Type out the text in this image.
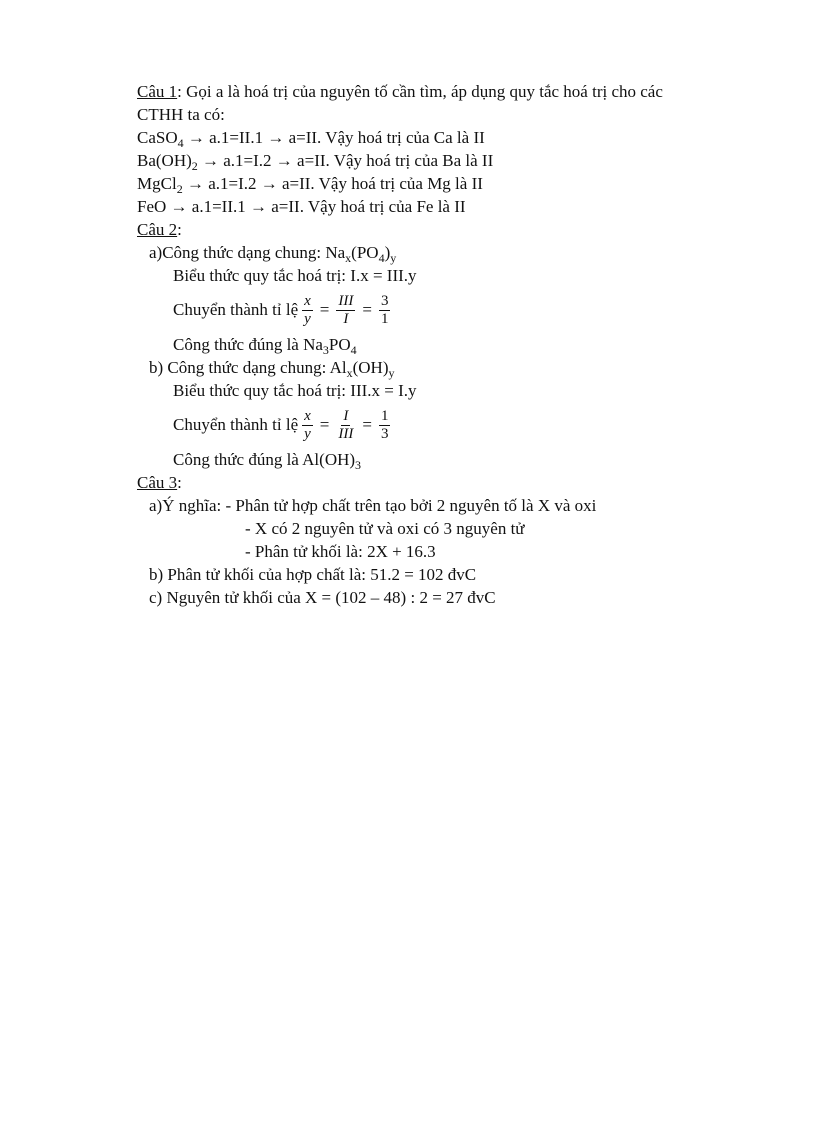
Câu 1: Gọi a là hoá trị của nguyên tố cần tìm, áp dụng quy tắc hoá trị cho các
CTHH ta có:
CaSO$_4$ → a.1=II.1 → a=II. Vậy hoá trị của Ca là II
$Ba(OH)_2 \to a.1=I.2 \to a=II$. Vậy hoá trị của Ba là II
MgCl$_2$ → a.1=I.2 → a=II. Vậy hoá trị của Mg là II
FeO → a.1=II.1 → a=II. Vậy hoá trị của Fe là II
Câu 2:
a)Công thức dạng chung: $Na_x(PO_4)_y$
Biểu thức quy tắc hoá trị: I.x = III.y
Chuyển thành tỉ lệ $\frac{x}{y} = \frac{\text{III}}{I} = \frac{3}{1}$
Công thức đúng là $Na_3PO_4$
b) Công thức dạng chung: $Al_x(OH)_y$
Biểu thức quy tắc hoá trị: III.x = I.y
Chuyển thành tỉ lệ $\frac{x}{y} = \frac{I}{\text{III}} = \frac{1}{3}$
Công thức đúng là $Al(OH)_3$
Câu 3:
a)Ý nghĩa: - Phân tử hợp chất trên tạo bởi 2 nguyên tố là X và oxi
- X có 2 nguyên tử và oxi có 3 nguyên tử
- Phân tử khối là: 2X + 16.3
b) Phân tử khối của hợp chất là: 51.2 = 102 đvC
c) Nguyên tử khối của X = (102 – 48) : 2 = 27 đvC
